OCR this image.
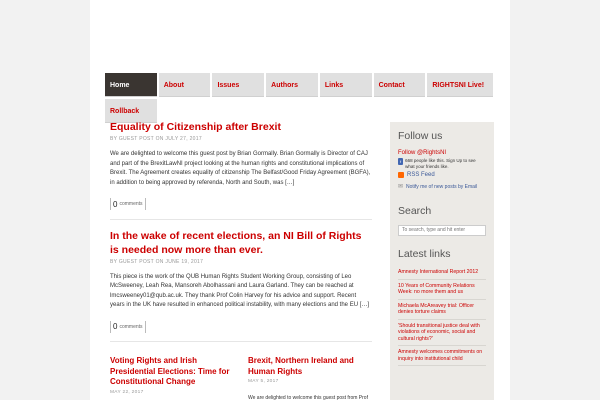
Home	About	Issues	Authors	Links	Contact	RIGHTSNI Live!
Rollback
Equality of Citizenship after Brexit
BY GUEST POST ON JULY 27, 2017

We are delighted to welcome this guest post by Brian Gormally. Brian Gormally is Director of CAJ and part of the BrexitLawNI project looking at the human rights and constitutional implications of Brexit. The Agreement creates equality of citizenship The Belfast/Good Friday Agreement (BGFA), in addition to being approved by referenda, North and South, was […]

0 comments
In the wake of recent elections, an NI Bill of Rights is needed now more than ever.
BY GUEST POST ON JUNE 19, 2017

This piece is the work of the QUB Human Rights Student Working Group, consisting of Leo McSweeney, Leah Rea, Mansoreh Abolhassani and Laura Garland. They can be reached at lmcsweeney01@qub.ac.uk. They thank Prof Colin Harvey for his advice and support. Recent years in the UK have resulted in enhanced political instability, with many elections and the EU […]

0 comments
Voting Rights and Irish Presidential Elections: Time for Constitutional Change
MAY 22, 2017
Brexit, Northern Ireland and Human Rights
MAY 5, 2017

We are delighted to welcome this guest post from Prof

Follow us
Follow @RightsNI
f 668 people like this. Sign Up to see what your friends like.
RSS Feed
✉ Notify me of new posts by Email
Search
To search, type and hit enter
Latest links
Amnesty International Report 2012
10 Years of Community Relations Week: no more them and us
Michaela McAreavey trial: Officer denies torture claims
'Should transitional justice deal with violations of economic, social and cultural rights?'
Amnesty welcomes commitments on inquiry into institutional child
